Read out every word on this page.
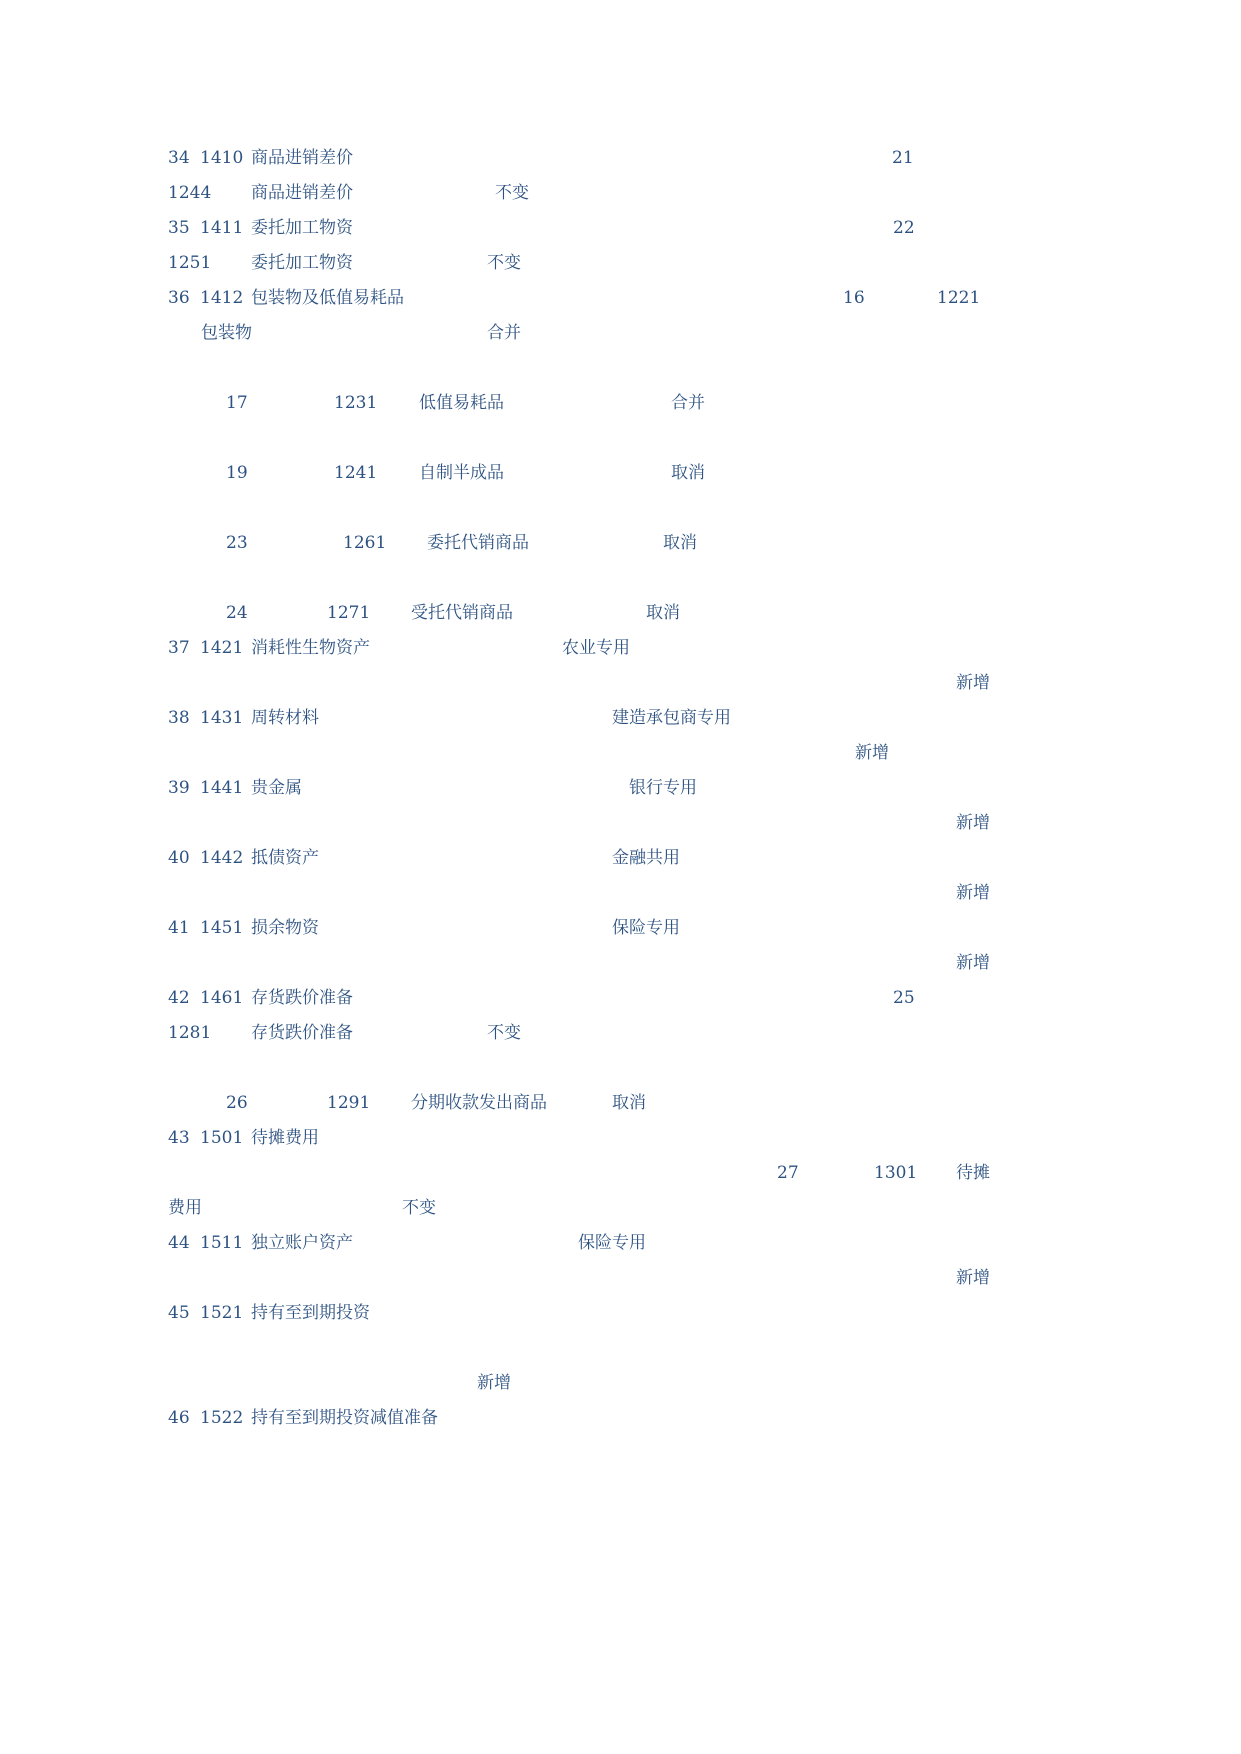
34 1410 商品进销差价	21
1244 商品进销差价	不变
35 1411 委托加工物资	22
1251 委托加工物资	不变
36 1412 包装物及低值易耗品	16	1221
包装物	合并
17	1231 低值易耗品	合并
19	1241 自制半成品	取消
23	1261 委托代销商品	取消
24	1271 受托代销商品	取消
37 1421 消耗性生物资产	农业专用
新增
38 1431 周转材料	建造承包商专用
新增
39 1441 贵金属	银行专用
新增
40 1442 抵债资产	金融共用
新增
41 1451 损余物资	保险专用
新增
42 1461 存货跌价准备	25
1281 存货跌价准备	不变
26	1291 分期收款发出商品	取消
43 1501 待摊费用
27	1301 待摊
费用	不变
44 1511 独立账户资产	保险专用
新增
45 1521 持有至到期投资
新增
46 1522 持有至到期投资减值准备
